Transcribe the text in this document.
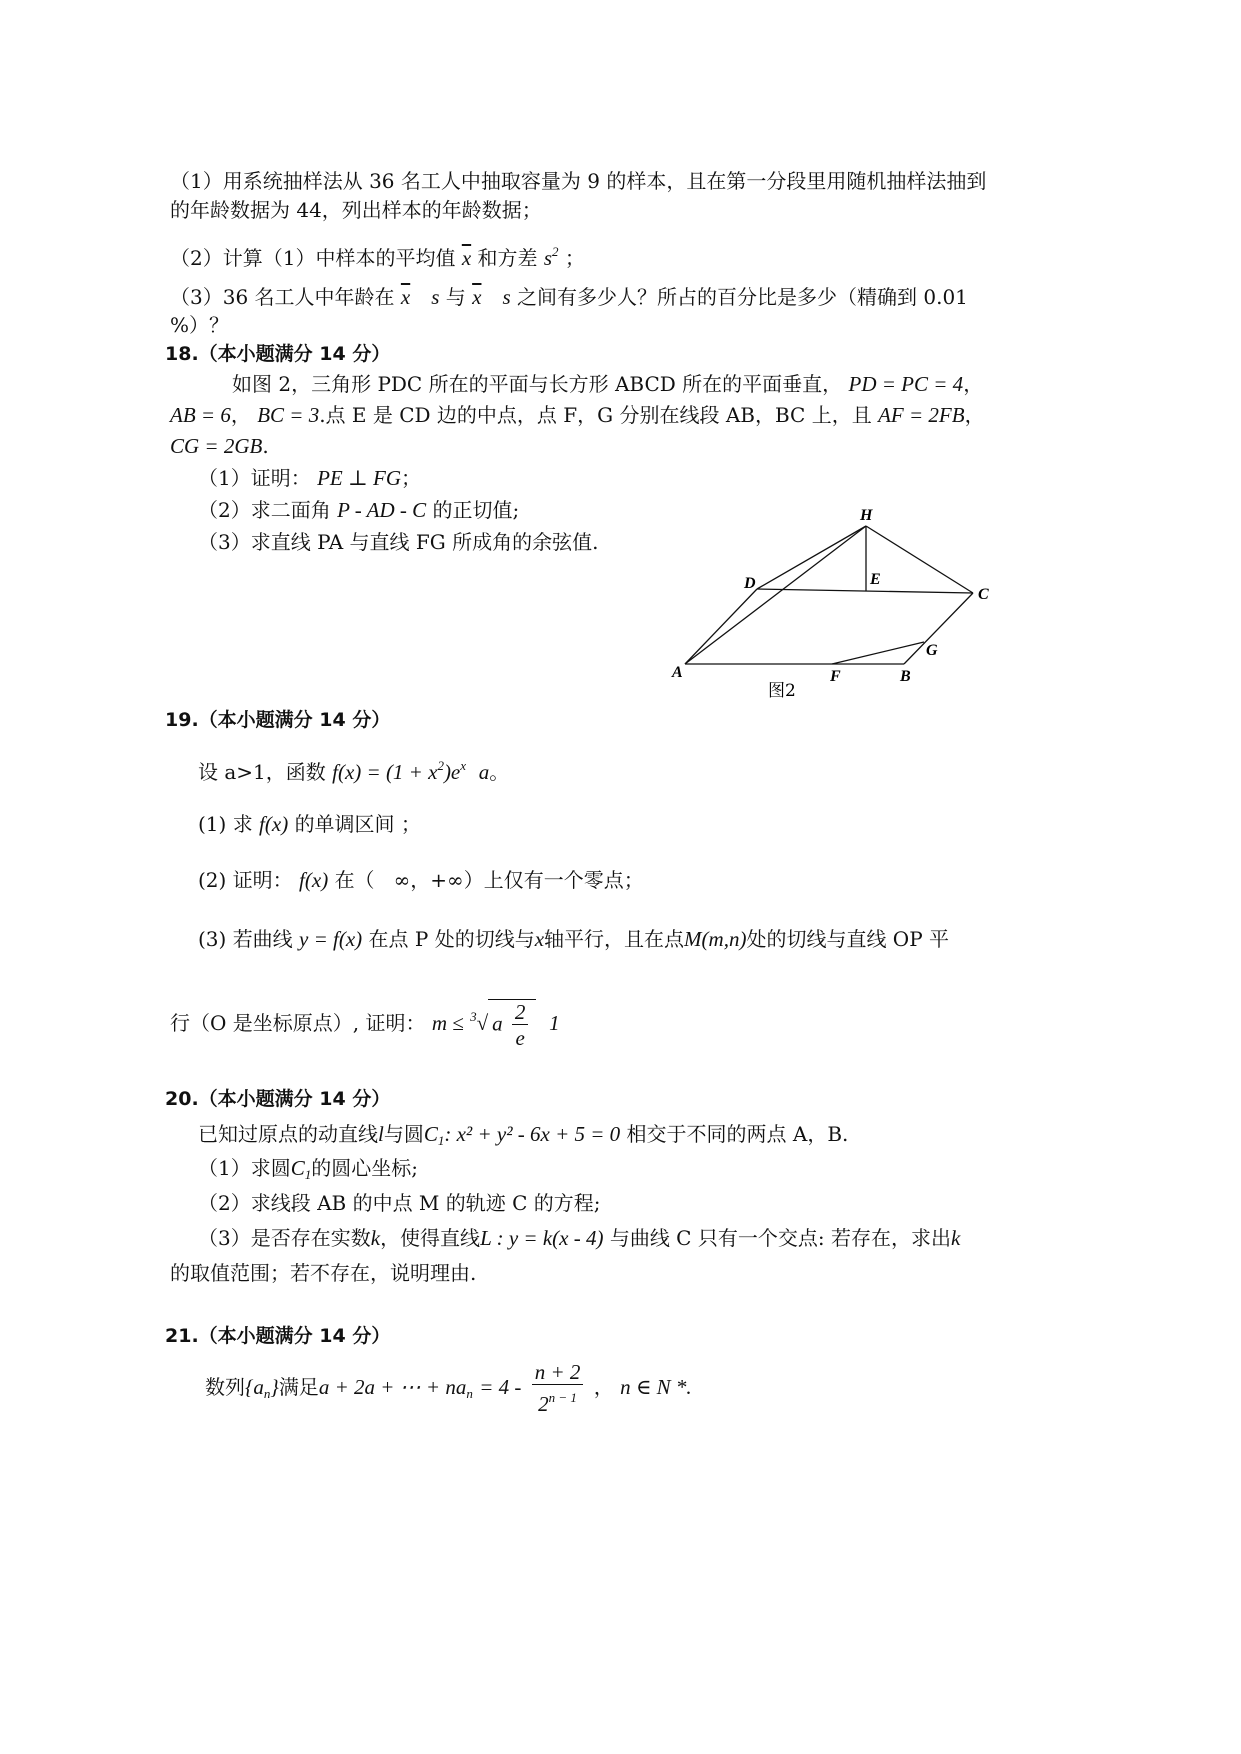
（1）用系统抽样法从 36 名工人中抽取容量为 9 的样本，且在第一分段里用随机抽样法抽到
的年龄数据为 44，列出样本的年龄数据；
（2）计算（1）中样本的平均值 $\overline{x}$ 和方差 $s^2$ ；
（3）36 名工人中年龄在 $\overline{x}$    s 与 $\overline{x}$    s 之间有多少人？所占的百分比是多少（精确到 0.01
%）？
18.（本小题满分 14 分）
如图 2，三角形 PDC 所在的平面与长方形 ABCD 所在的平面垂直， PD = PC = 4，
AB = 6， BC = 3.点 E 是 CD 边的中点，点 F，G 分别在线段 AB，BC 上，且 AF = 2FB，
CG = 2GB.
（1）证明： PE ⊥ FG；
（2）求二面角 P - AD - C 的正切值;
（3）求直线 PA 与直线 FG 所成角的余弦值.
H
D	E
C
G
A	F	B
图2
19.（本小题满分 14 分）
设 a>1，函数 $f(x) = (1 + x^2)e^x$ a。
(1) 求 f(x) 的单调区间 ；
(2) 证明： f(x) 在（ ∞，+∞）上仅有一个零点；
(3) 若曲线 y = f(x) 在点 P 处的切线与x轴平行，且在点M(m,n)处的切线与直线 OP 平
行（O 是坐标原点）, 证明： m ≤ $^3$√ a $\frac{2}{e} 1$
20.（本小题满分 14 分）
已知过原点的动直线l与圆$C_1$: x² + y² - 6x + 5 = 0 相交于不同的两点 A，B.
（1）求圆$C_1$的圆心坐标;
（2）求线段 AB 的中点 M 的轨迹 C 的方程;
（3）是否存在实数k，使得直线L : y = k(x - 4) 与曲线 C 只有一个交点: 若存在，求出k
的取值范围；若不存在，说明理由.
21.（本小题满分 14 分）
数列$\{a_n\}$满足a + 2a + ⋯ + $na_n = 4 - \frac{n + 2}{2^{n - 1}}$ ， n ∈ N *.
